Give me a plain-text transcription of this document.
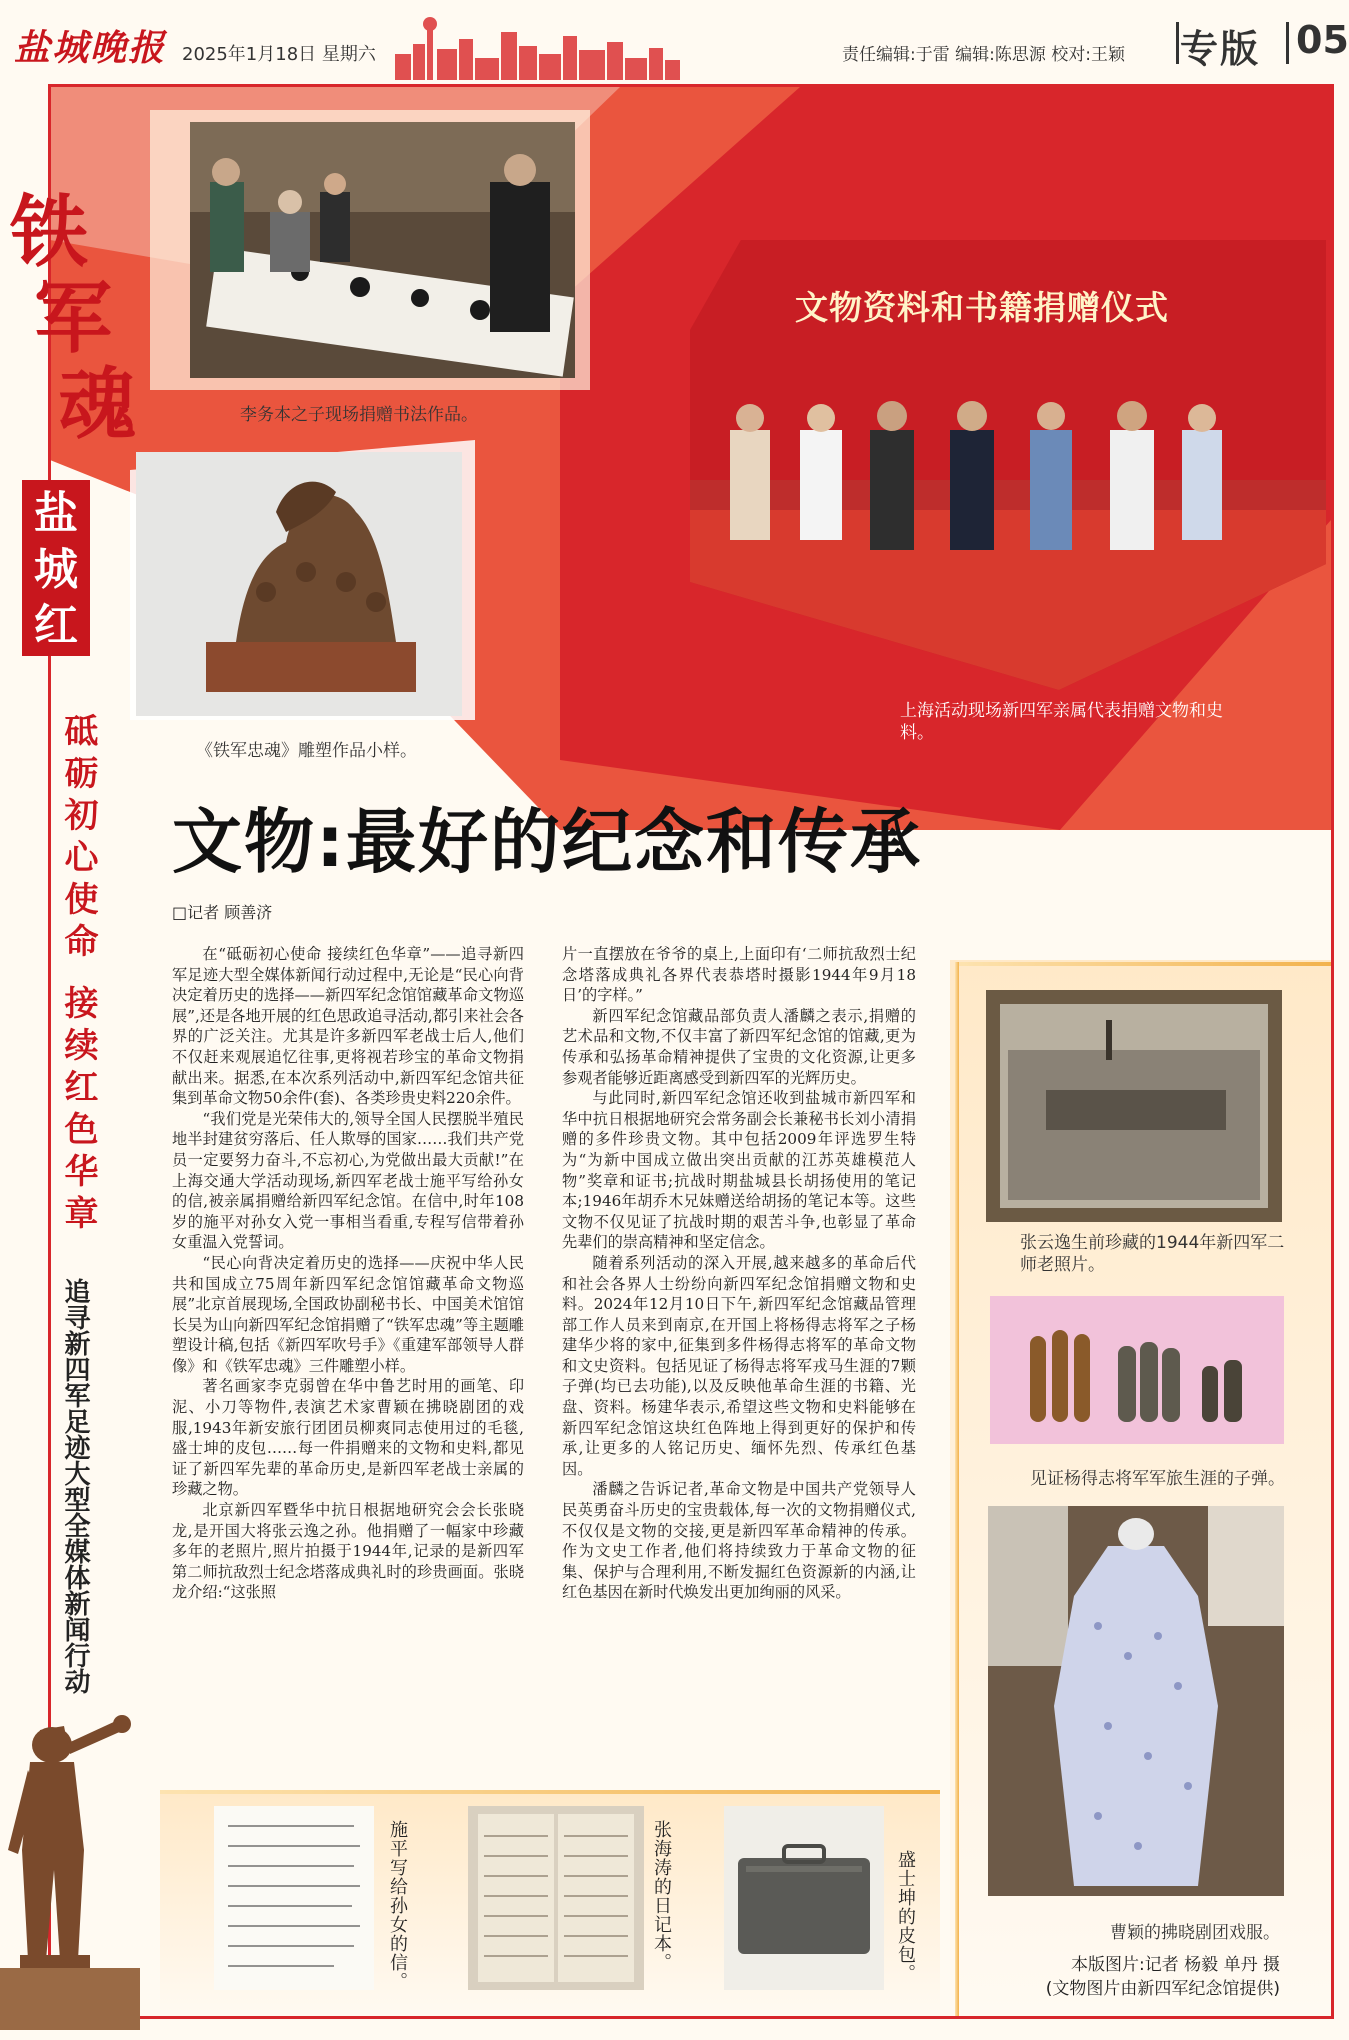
盐城晚报 2025年1月18日 星期六	责任编辑:于雷 编辑:陈思源 校对:王颖 专版 05
铁
军
魂
盐城红
砥砺初心使命 接续红色华章
追寻新四军足迹大型全媒体新闻行动
李务本之子现场捐赠书法作品。
《铁军忠魂》雕塑作品小样。
文物资料和书籍捐赠仪式
上海活动现场新四军亲属代表捐赠文物和史料。
文物:最好的纪念和传承
□记者 顾善济

在“砥砺初心使命 接续红色华章”——追寻新四军足迹大型全媒体新闻行动过程中,无论是“民心向背决定着历史的选择——新四军纪念馆馆藏革命文物巡展”,还是各地开展的红色思政追寻活动,都引来社会各界的广泛关注。尤其是许多新四军老战士后人,他们不仅赶来观展追忆往事,更将视若珍宝的革命文物捐献出来。据悉,在本次系列活动中,新四军纪念馆共征集到革命文物50余件(套)、各类珍贵史料220余件。

“我们党是光荣伟大的,领导全国人民摆脱半殖民地半封建贫穷落后、任人欺辱的国家……我们共产党员一定要努力奋斗,不忘初心,为党做出最大贡献!”在上海交通大学活动现场,新四军老战士施平写给孙女的信,被亲属捐赠给新四军纪念馆。在信中,时年108岁的施平对孙女入党一事相当看重,专程写信带着孙女重温入党誓词。

“民心向背决定着历史的选择——庆祝中华人民共和国成立75周年新四军纪念馆馆藏革命文物巡展”北京首展现场,全国政协副秘书长、中国美术馆馆长吴为山向新四军纪念馆捐赠了“铁军忠魂”等主题雕塑设计稿,包括《新四军吹号手》《重建军部领导人群像》和《铁军忠魂》三件雕塑小样。

著名画家李克弱曾在华中鲁艺时用的画笔、印泥、小刀等物件,表演艺术家曹颖在拂晓剧团的戏服,1943年新安旅行团团员柳爽同志使用过的毛毯,盛士坤的皮包……每一件捐赠来的文物和史料,都见证了新四军先辈的革命历史,是新四军老战士亲属的珍藏之物。

北京新四军暨华中抗日根据地研究会会长张晓龙,是开国大将张云逸之孙。他捐赠了一幅家中珍藏多年的老照片,照片拍摄于1944年,记录的是新四军第二师抗敌烈士纪念塔落成典礼时的珍贵画面。张晓龙介绍:“这张照

片一直摆放在爷爷的桌上,上面印有‘二师抗敌烈士纪念塔落成典礼各界代表恭塔时摄影1944年9月18日’的字样。”

新四军纪念馆藏品部负责人潘麟之表示,捐赠的艺术品和文物,不仅丰富了新四军纪念馆的馆藏,更为传承和弘扬革命精神提供了宝贵的文化资源,让更多参观者能够近距离感受到新四军的光辉历史。

与此同时,新四军纪念馆还收到盐城市新四军和华中抗日根据地研究会常务副会长兼秘书长刘小清捐赠的多件珍贵文物。其中包括2009年评选罗生特为“为新中国成立做出突出贡献的江苏英雄模范人物”奖章和证书;抗战时期盐城县长胡扬使用的笔记本;1946年胡乔木兄妹赠送给胡扬的笔记本等。这些文物不仅见证了抗战时期的艰苦斗争,也彰显了革命先辈们的崇高精神和坚定信念。

随着系列活动的深入开展,越来越多的革命后代和社会各界人士纷纷向新四军纪念馆捐赠文物和史料。2024年12月10日下午,新四军纪念馆藏品管理部工作人员来到南京,在开国上将杨得志将军之子杨建华少将的家中,征集到多件杨得志将军的革命文物和文史资料。包括见证了杨得志将军戎马生涯的7颗子弹(均已去功能),以及反映他革命生涯的书籍、光盘、资料。杨建华表示,希望这些文物和史料能够在新四军纪念馆这块红色阵地上得到更好的保护和传承,让更多的人铭记历史、缅怀先烈、传承红色基因。

潘麟之告诉记者,革命文物是中国共产党领导人民英勇奋斗历史的宝贵载体,每一次的文物捐赠仪式,不仅仅是文物的交接,更是新四军革命精神的传承。作为文史工作者,他们将持续致力于革命文物的征集、保护与合理利用,不断发掘红色资源新的内涵,让红色基因在新时代焕发出更加绚丽的风采。

张云逸生前珍藏的1944年新四军二师老照片。
见证杨得志将军军旅生涯的子弹。
曹颖的拂晓剧团戏服。
本版图片:记者 杨毅 单丹 摄
(文物图片由新四军纪念馆提供)
施平写给孙女的信。	张海涛的日记本。	盛士坤的皮包。
